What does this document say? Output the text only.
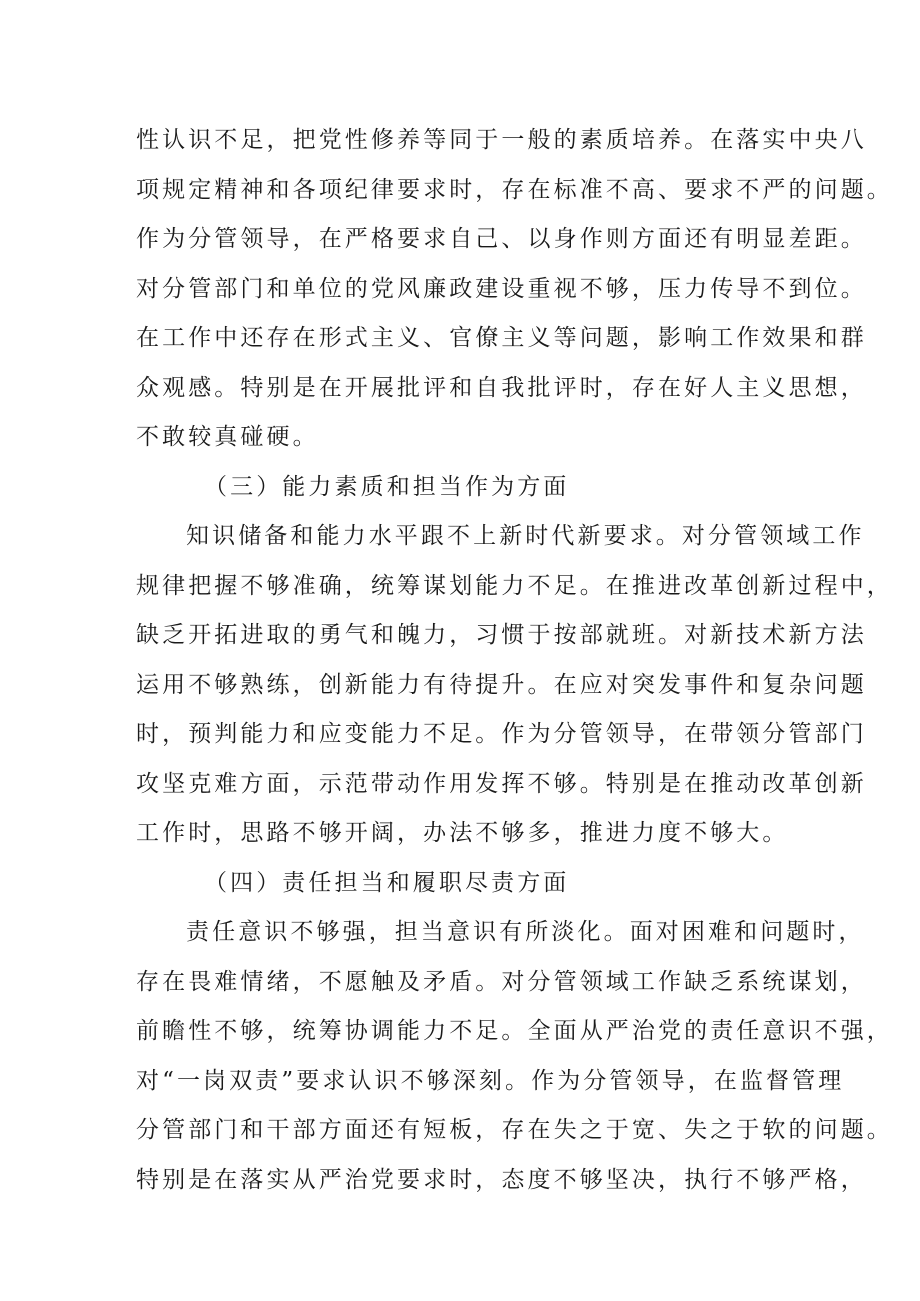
性认识不足，把党性修养等同于一般的素质培养。在落实中央八
项规定精神和各项纪律要求时，存在标准不高、要求不严的问题。
作为分管领导，在严格要求自己、以身作则方面还有明显差距。
对分管部门和单位的党风廉政建设重视不够，压力传导不到位。
在工作中还存在形式主义、官僚主义等问题，影响工作效果和群
众观感。特别是在开展批评和自我批评时，存在好人主义思想，
不敢较真碰硬。
（三）能力素质和担当作为方面
知识储备和能力水平跟不上新时代新要求。对分管领域工作
规律把握不够准确，统筹谋划能力不足。在推进改革创新过程中，
缺乏开拓进取的勇气和魄力，习惯于按部就班。对新技术新方法
运用不够熟练，创新能力有待提升。在应对突发事件和复杂问题
时，预判能力和应变能力不足。作为分管领导，在带领分管部门
攻坚克难方面，示范带动作用发挥不够。特别是在推动改革创新
工作时，思路不够开阔，办法不够多，推进力度不够大。
（四）责任担当和履职尽责方面
责任意识不够强，担当意识有所淡化。面对困难和问题时，
存在畏难情绪，不愿触及矛盾。对分管领域工作缺乏系统谋划，
前瞻性不够，统筹协调能力不足。全面从严治党的责任意识不强，
对“一岗双责”要求认识不够深刻。作为分管领导，在监督管理
分管部门和干部方面还有短板，存在失之于宽、失之于软的问题。
特别是在落实从严治党要求时，态度不够坚决，执行不够严格，
